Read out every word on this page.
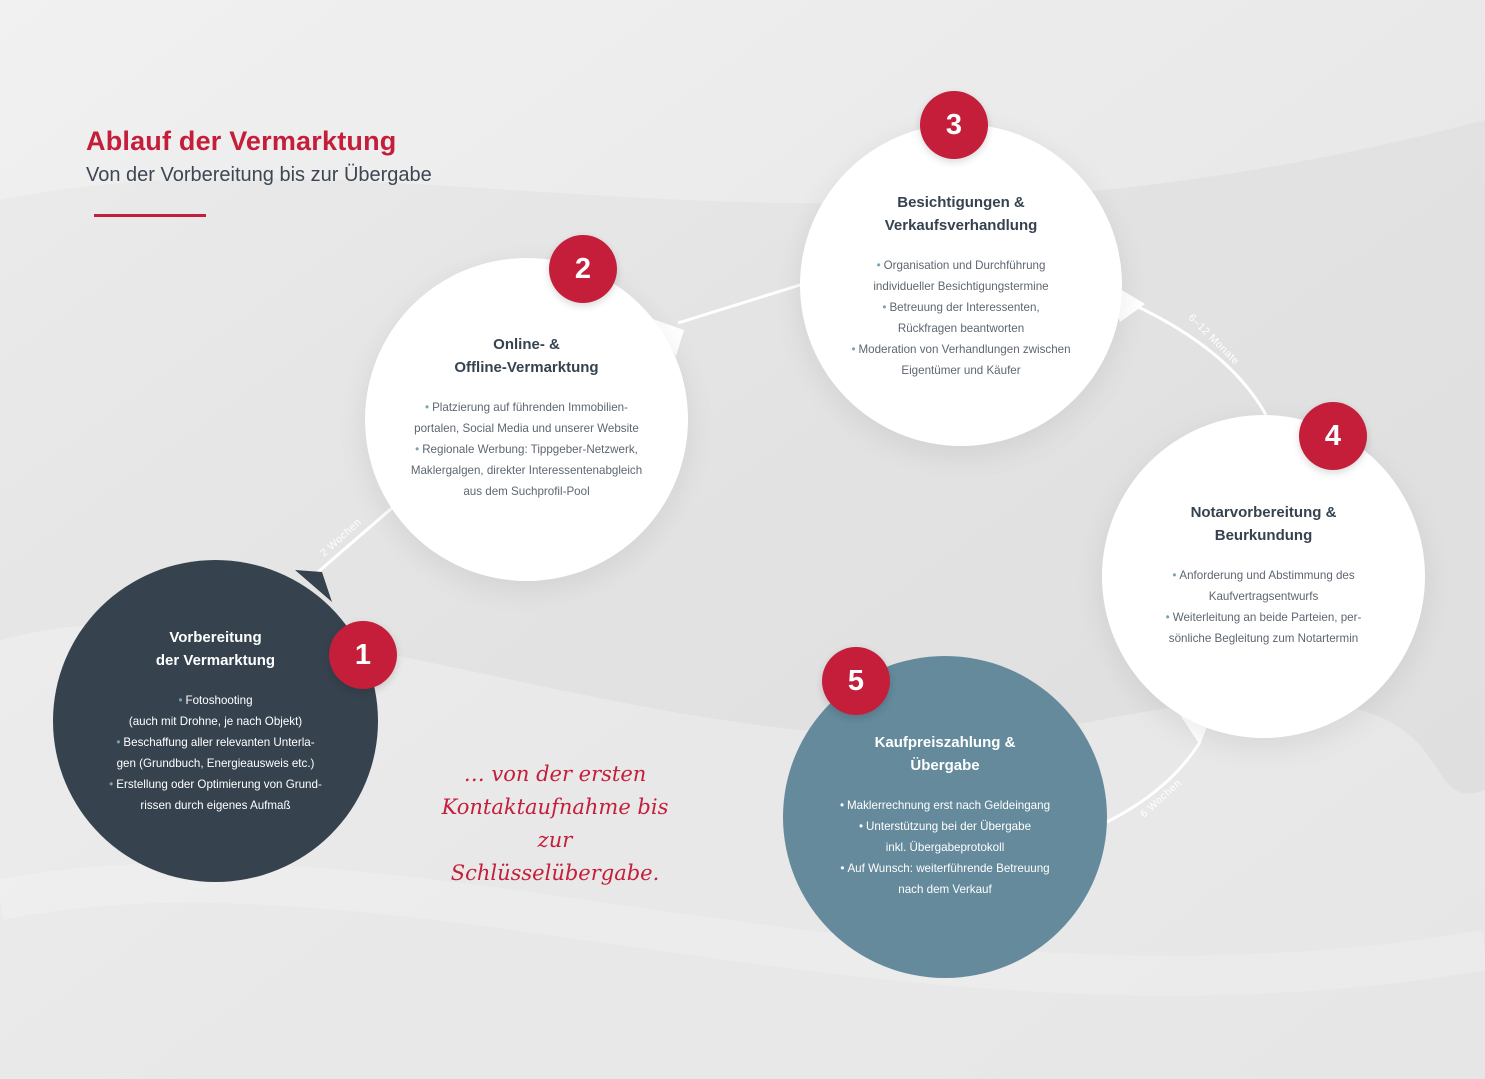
2 Wochen
6–12 Monate
6 Wochen
Ablauf der Vermarktung

Von der Vorbereitung bis zur Übergabe

Vorbereitung
der Vermarktung
• Fotoshooting
(auch mit Drohne, je nach Objekt)
• Beschaffung aller relevanten Unterla-
gen (Grundbuch, Energieausweis etc.)
• Erstellung oder Optimierung von Grund-
rissen durch eigenes Aufmaß
1
Online- &
Offline-Vermarktung
• Platzierung auf führenden Immobilien-
portalen, Social Media und unserer Website
• Regionale Werbung: Tippgeber-Netzwerk,
Maklergalgen, direkter Interessentenabgleich
aus dem Suchprofil-Pool
2
Besichtigungen &
Verkaufsverhandlung
• Organisation und Durchführung
individueller Besichtigungstermine
• Betreuung der Interessenten,
Rückfragen beantworten
• Moderation von Verhandlungen zwischen
Eigentümer und Käufer
3
Notarvorbereitung &
Beurkundung
• Anforderung und Abstimmung des
Kaufvertragsentwurfs
• Weiterleitung an beide Parteien, per-
sönliche Begleitung zum Notartermin
4
Kaufpreiszahlung &
Übergabe
• Maklerrechnung erst nach Geldeingang
• Unterstützung bei der Übergabe
inkl. Übergabeprotokoll
• Auf Wunsch: weiterführende Betreuung
nach dem Verkauf
5

… von der ersten
Kontaktaufnahme bis zur
Schlüsselübergabe.
